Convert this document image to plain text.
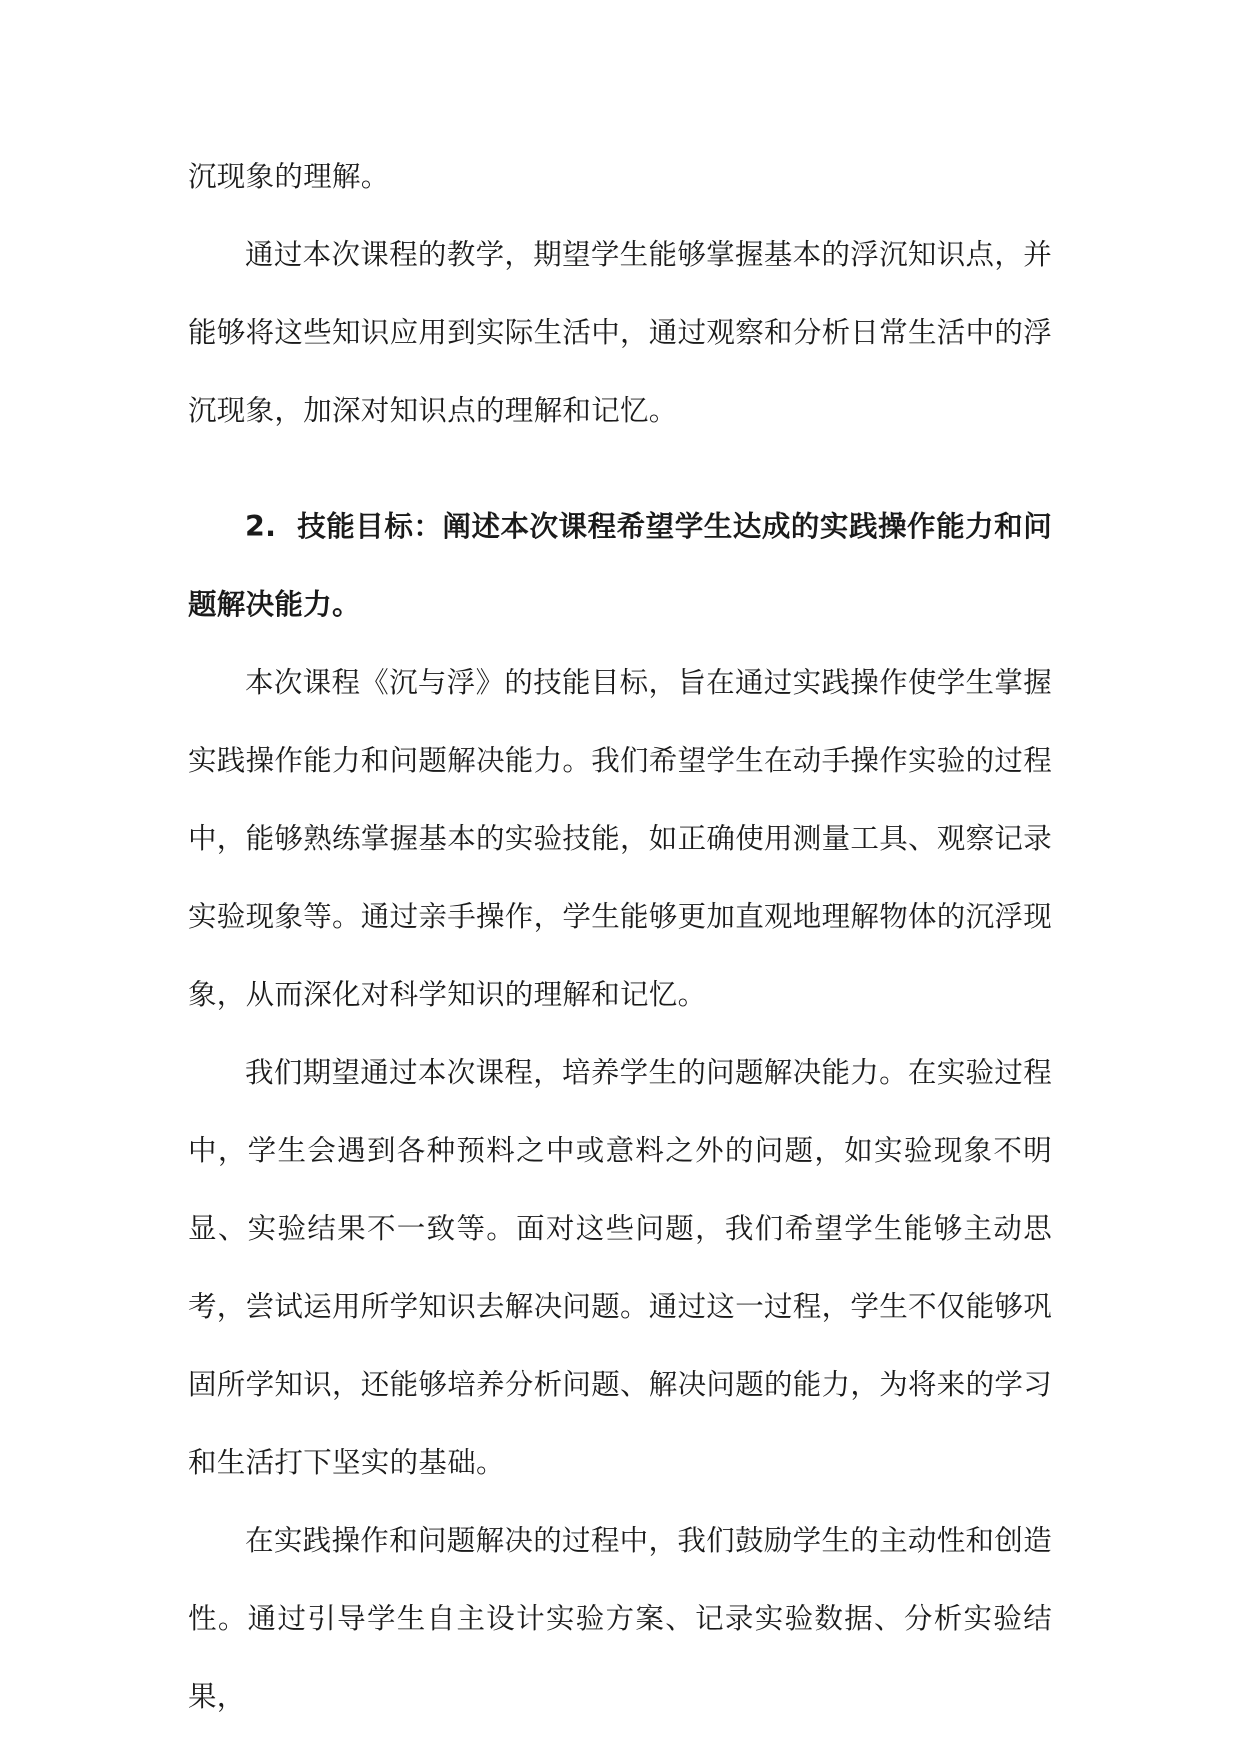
沉现象的理解。

通过本次课程的教学，期望学生能够掌握基本的浮沉知识点，并能够将这些知识应用到实际生活中，通过观察和分析日常生活中的浮沉现象，加深对知识点的理解和记忆。

2. 技能目标：阐述本次课程希望学生达成的实践操作能力和问题解决能力。

本次课程《沉与浮》的技能目标，旨在通过实践操作使学生掌握实践操作能力和问题解决能力。我们希望学生在动手操作实验的过程中，能够熟练掌握基本的实验技能，如正确使用测量工具、观察记录实验现象等。通过亲手操作，学生能够更加直观地理解物体的沉浮现象，从而深化对科学知识的理解和记忆。

我们期望通过本次课程，培养学生的问题解决能力。在实验过程中，学生会遇到各种预料之中或意料之外的问题，如实验现象不明显、实验结果不一致等。面对这些问题，我们希望学生能够主动思考，尝试运用所学知识去解决问题。通过这一过程，学生不仅能够巩固所学知识，还能够培养分析问题、解决问题的能力，为将来的学习和生活打下坚实的基础。

在实践操作和问题解决的过程中，我们鼓励学生的主动性和创造性。通过引导学生自主设计实验方案、记录实验数据、分析实验结果，
